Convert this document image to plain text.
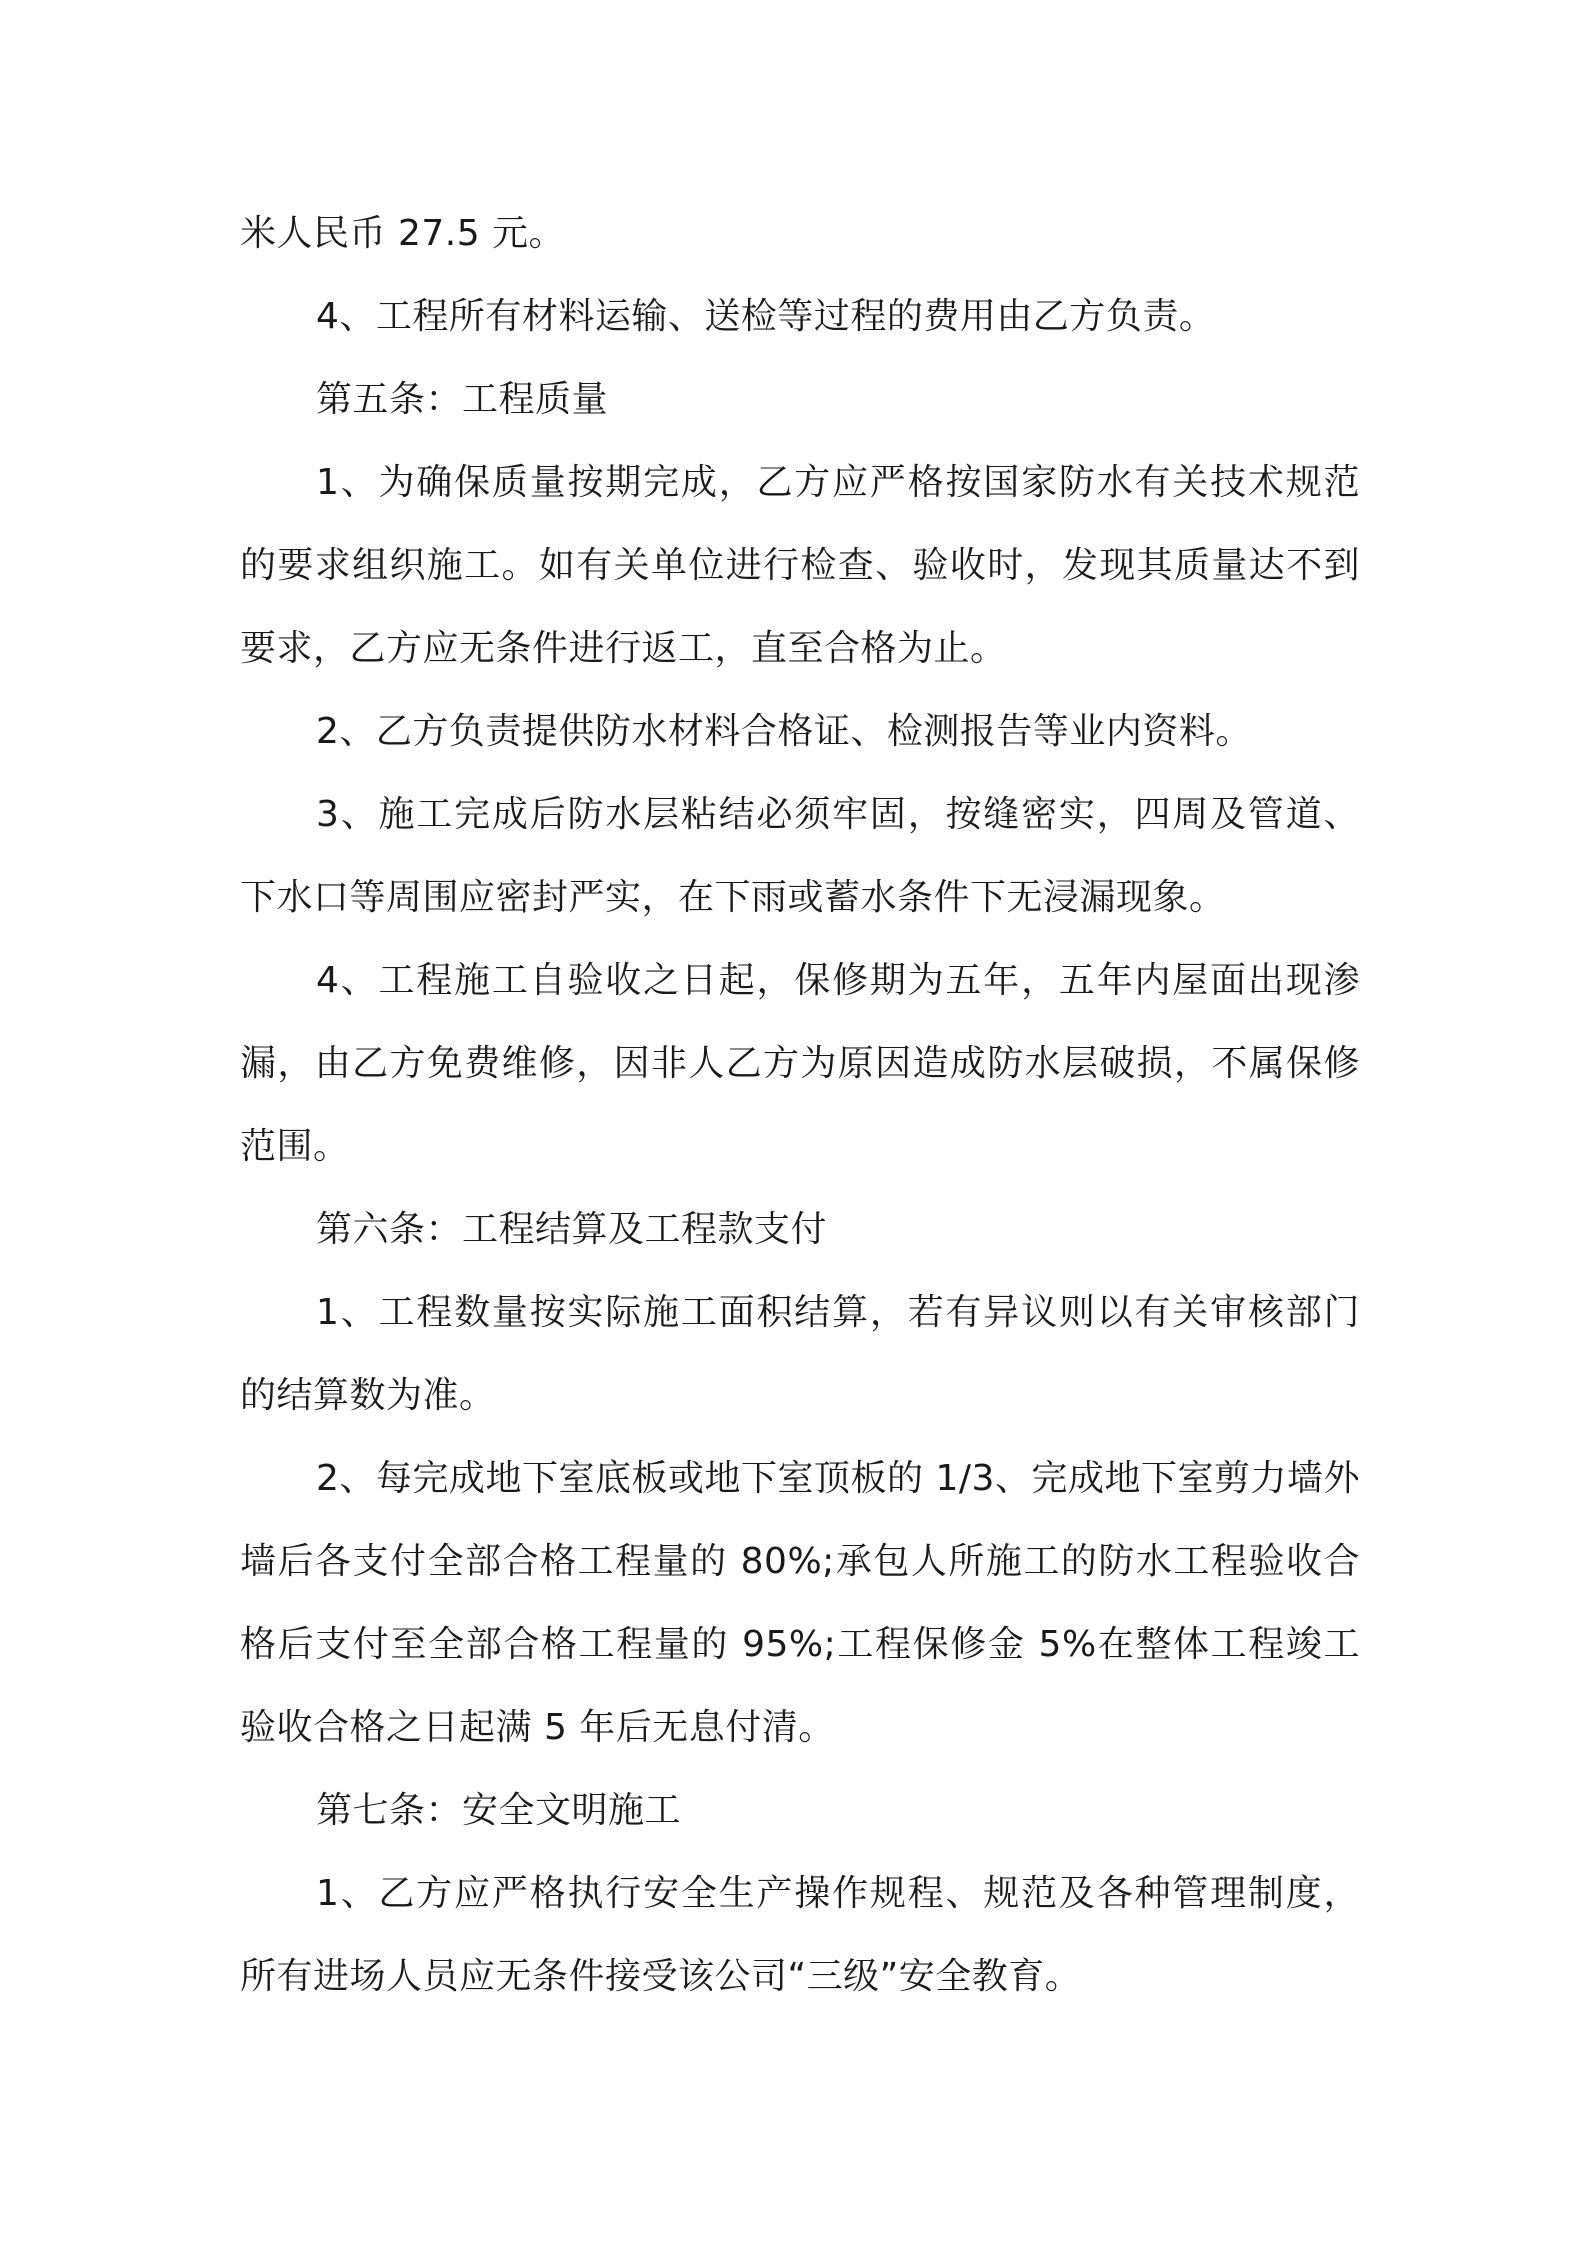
米人民币 27.5 元。

4、工程所有材料运输、送检等过程的费用由乙方负责。

第五条：工程质量

1、为确保质量按期完成，乙方应严格按国家防水有关技术规范的要求组织施工。如有关单位进行检查、验收时，发现其质量达不到要求，乙方应无条件进行返工，直至合格为止。

2、乙方负责提供防水材料合格证、检测报告等业内资料。

3、施工完成后防水层粘结必须牢固，按缝密实，四周及管道、下水口等周围应密封严实，在下雨或蓄水条件下无浸漏现象。

4、工程施工自验收之日起，保修期为五年，五年内屋面出现渗漏，由乙方免费维修，因非人乙方为原因造成防水层破损，不属保修范围。

第六条：工程结算及工程款支付

1、工程数量按实际施工面积结算，若有异议则以有关审核部门的结算数为准。

2、每完成地下室底板或地下室顶板的 1/3、完成地下室剪力墙外墙后各支付全部合格工程量的 80%;承包人所施工的防水工程验收合格后支付至全部合格工程量的 95%;工程保修金 5%在整体工程竣工验收合格之日起满 5 年后无息付清。

第七条：安全文明施工

1、乙方应严格执行安全生产操作规程、规范及各种管理制度，所有进场人员应无条件接受该公司“三级”安全教育。
